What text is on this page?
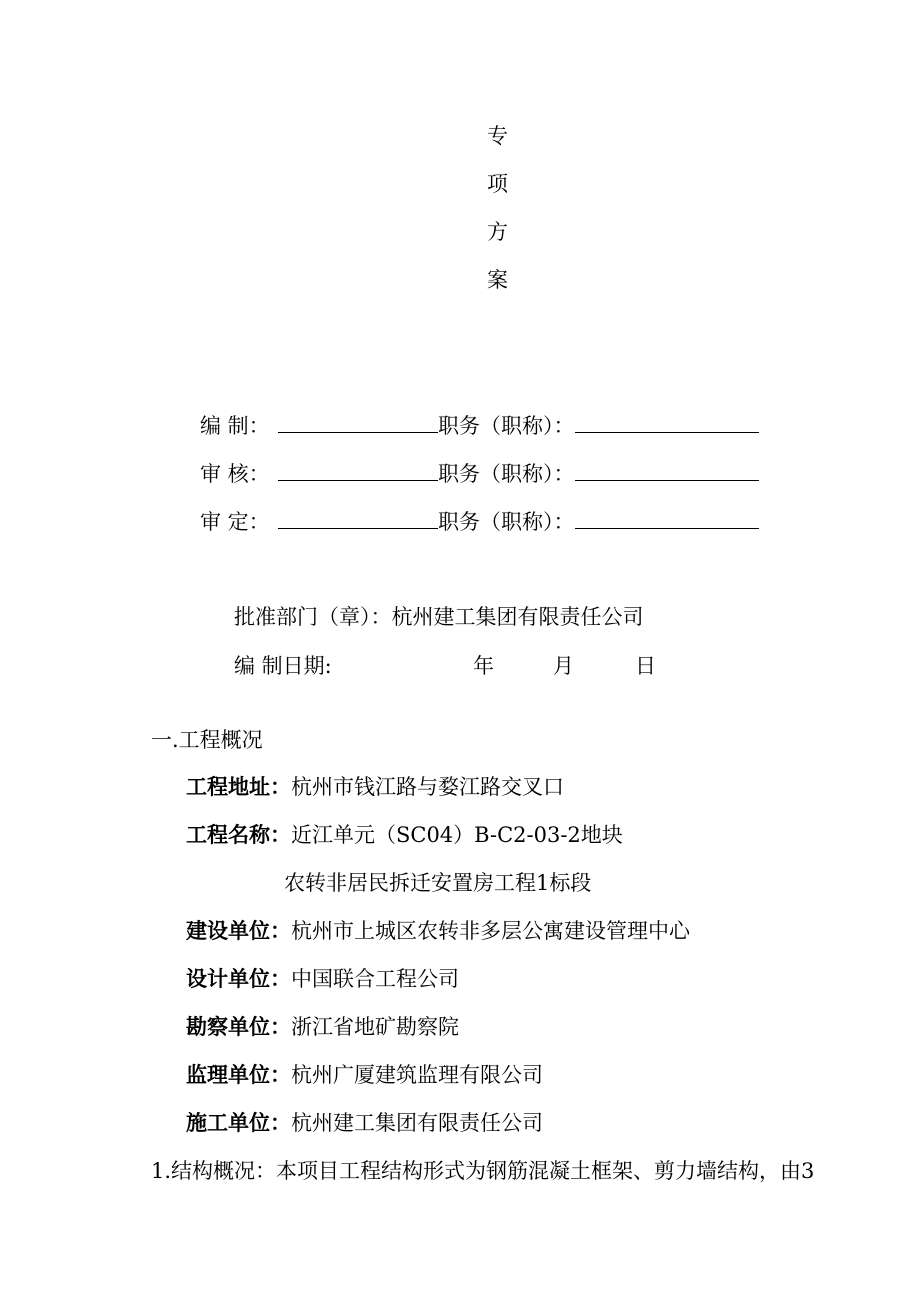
专
项
方
案
编 制：	职务（职称）：
审 核：	职务（职称）：
审 定：	职务（职称）：
批准部门（章）：杭州建工集团有限责任公司
编 制日期:	年	月	日
一.工程概况
工程地址：杭州市钱江路与婺江路交叉口
工程名称：近江单元（SC04）B-C2-03-2地块
农转非居民拆迁安置房工程1标段
建设单位：杭州市上城区农转非多层公寓建设管理中心
设计单位：中国联合工程公司
勘察单位：浙江省地矿勘察院
监理单位：杭州广厦建筑监理有限公司
施工单位：杭州建工集团有限责任公司
1.结构概况：本项目工程结构形式为钢筋混凝土框架、剪力墙结构，由3
